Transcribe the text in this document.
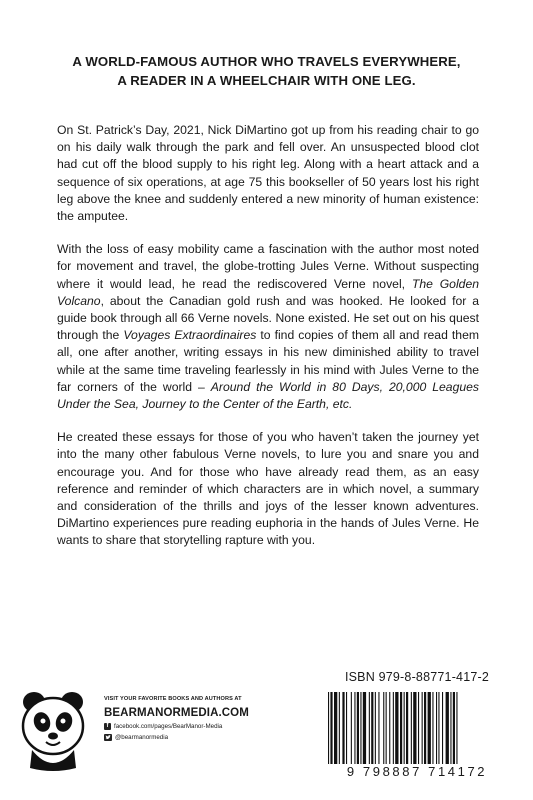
A WORLD-FAMOUS AUTHOR WHO TRAVELS EVERYWHERE,
A READER IN A WHEELCHAIR WITH ONE LEG.

On St. Patrick’s Day, 2021, Nick DiMartino got up from his reading chair to go on his daily walk through the park and fell over. An unsuspected blood clot had cut off the blood supply to his right leg. Along with a heart attack and a sequence of six operations, at age 75 this bookseller of 50 years lost his right leg above the knee and suddenly entered a new minority of human existence: the amputee.

With the loss of easy mobility came a fascination with the author most noted for movement and travel, the globe-trotting Jules Verne. Without suspecting where it would lead, he read the rediscovered Verne novel, The Golden Volcano, about the Canadian gold rush and was hooked. He looked for a guide book through all 66 Verne novels. None existed. He set out on his quest through the Voyages Extraordinaires to find copies of them all and read them all, one after another, writing essays in his new diminished ability to travel while at the same time traveling fearlessly in his mind with Jules Verne to the far corners of the world – Around the World in 80 Days, 20,000 Leagues Under the Sea, Journey to the Center of the Earth, etc.

He created these essays for those of you who haven’t taken the journey yet into the many other fabulous Verne novels, to lure you and snare you and encourage you. And for those who have already read them, as an easy reference and reminder of which characters are in which novel, a summary and consideration of the thrills and joys of the lesser known adventures. DiMartino experiences pure reading euphoria in the hands of Jules Verne. He wants to share that storytelling rapture with you.

VISIT YOUR FAVORITE BOOKS AND AUTHORS AT
BEARMANORMEDIA.COM
f facebook.com/pages/BearManor-Media
@bearmanormedia
ISBN 979-8-88771-417-2
9 798887 714172
